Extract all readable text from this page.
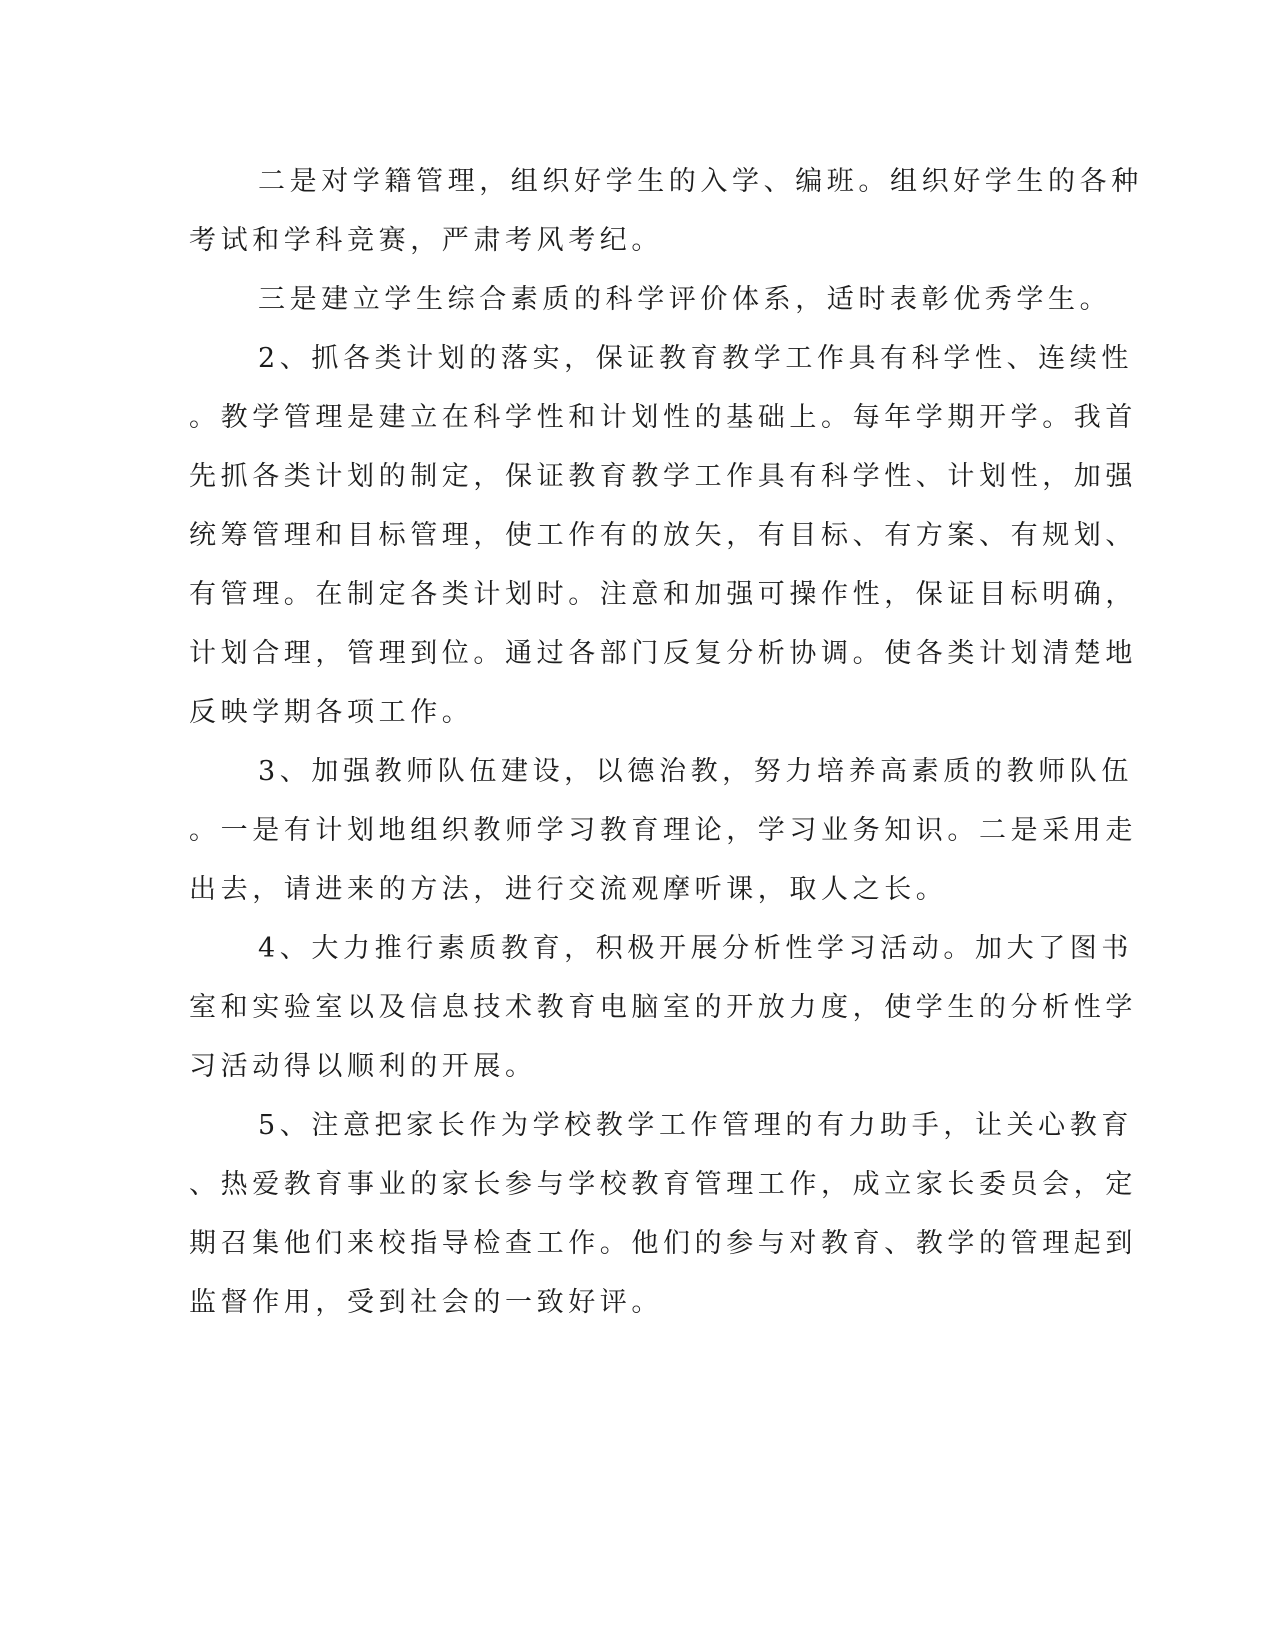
二是对学籍管理，组织好学生的入学、编班。组织好学生的各种
考试和学科竞赛，严肃考风考纪。
三是建立学生综合素质的科学评价体系，适时表彰优秀学生。
2、抓各类计划的落实，保证教育教学工作具有科学性、连续性
。教学管理是建立在科学性和计划性的基础上。每年学期开学。我首
先抓各类计划的制定，保证教育教学工作具有科学性、计划性，加强
统筹管理和目标管理，使工作有的放矢，有目标、有方案、有规划、
有管理。在制定各类计划时。注意和加强可操作性，保证目标明确，
计划合理，管理到位。通过各部门反复分析协调。使各类计划清楚地
反映学期各项工作。
3、加强教师队伍建设，以德治教，努力培养高素质的教师队伍
。一是有计划地组织教师学习教育理论，学习业务知识。二是采用走
出去，请进来的方法，进行交流观摩听课，取人之长。
4、大力推行素质教育，积极开展分析性学习活动。加大了图书
室和实验室以及信息技术教育电脑室的开放力度，使学生的分析性学
习活动得以顺利的开展。
5、注意把家长作为学校教学工作管理的有力助手，让关心教育
、热爱教育事业的家长参与学校教育管理工作，成立家长委员会，定
期召集他们来校指导检查工作。他们的参与对教育、教学的管理起到
监督作用，受到社会的一致好评。
